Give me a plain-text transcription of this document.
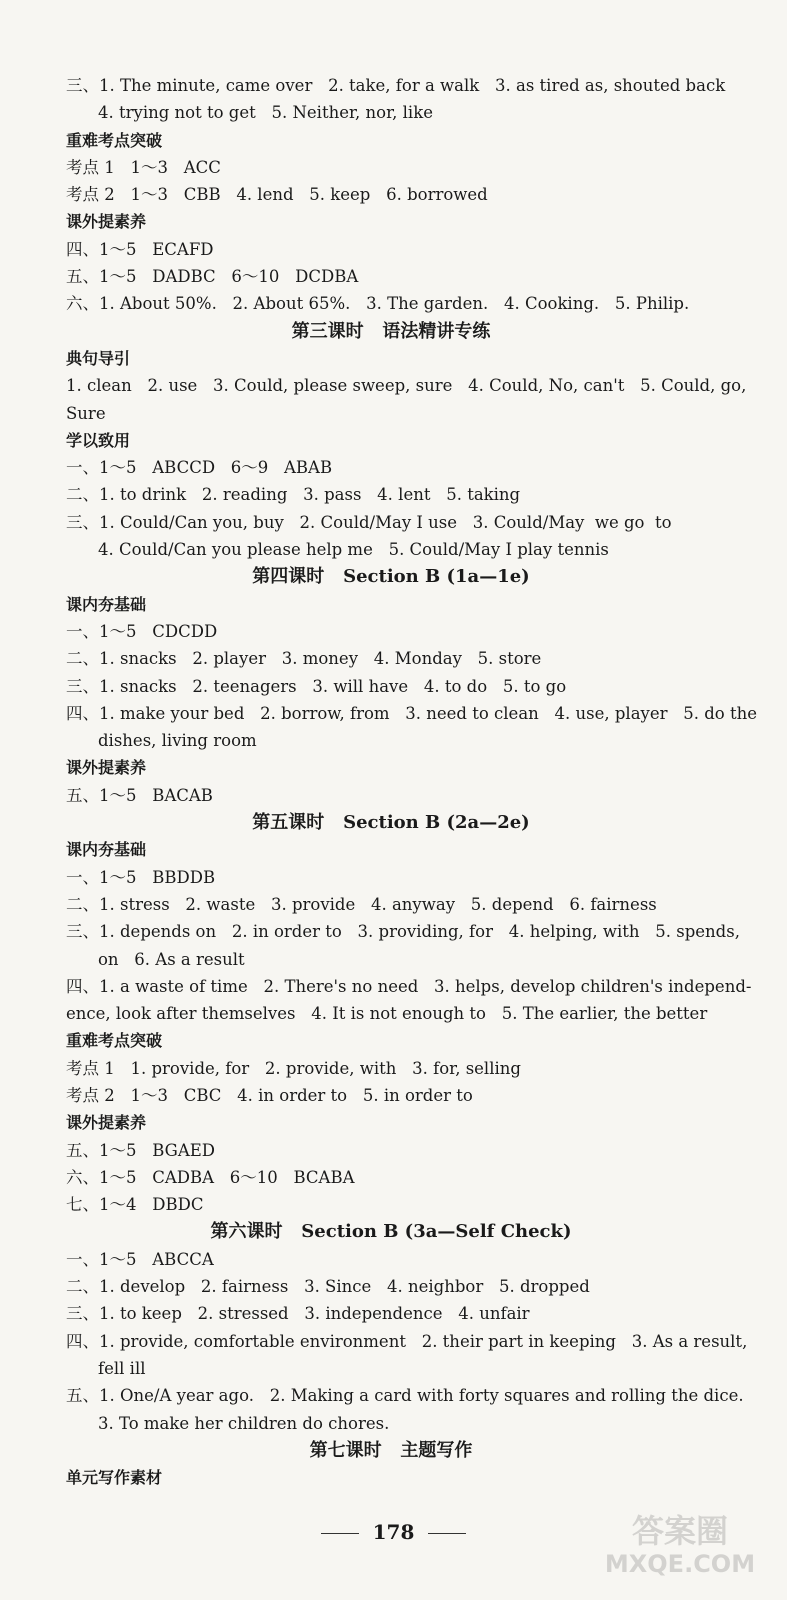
三、1. The minute, came over   2. take, for a walk   3. as tired as, shouted back
4. trying not to get   5. Neither, nor, like
重难考点突破
考点 1   1～3   ACC
考点 2   1～3   CBB   4. lend   5. keep   6. borrowed
课外提素养
四、1～5   ECAFD
五、1～5   DADBC   6～10   DCDBA
六、1. About 50%.   2. About 65%.   3. The garden.   4. Cooking.   5. Philip.
第三课时   语法精讲专练
典句导引
1. clean   2. use   3. Could, please sweep, sure   4. Could, No, can't   5. Could, go,
Sure
学以致用
一、1～5   ABCCD   6～9   ABAB
二、1. to drink   2. reading   3. pass   4. lent   5. taking
三、1. Could/Can you, buy   2. Could/May I use   3. Could/May  we go  to
4. Could/Can you please help me   5. Could/May I play tennis
第四课时   Section B (1a—1e)
课内夯基础
一、1～5   CDCDD
二、1. snacks   2. player   3. money   4. Monday   5. store
三、1. snacks   2. teenagers   3. will have   4. to do   5. to go
四、1. make your bed   2. borrow, from   3. need to clean   4. use, player   5. do the
dishes, living room
课外提素养
五、1～5   BACAB
第五课时   Section B (2a—2e)
课内夯基础
一、1～5   BBDDB
二、1. stress   2. waste   3. provide   4. anyway   5. depend   6. fairness
三、1. depends on   2. in order to   3. providing, for   4. helping, with   5. spends,
on   6. As a result
四、1. a waste of time   2. There's no need   3. helps, develop children's independ-
ence, look after themselves   4. It is not enough to   5. The earlier, the better
重难考点突破
考点 1   1. provide, for   2. provide, with   3. for, selling
考点 2   1～3   CBC   4. in order to   5. in order to
课外提素养
五、1～5   BGAED
六、1～5   CADBA   6～10   BCABA
七、1～4   DBDC
第六课时   Section B (3a—Self Check)
一、1～5   ABCCA
二、1. develop   2. fairness   3. Since   4. neighbor   5. dropped
三、1. to keep   2. stressed   3. independence   4. unfair
四、1. provide, comfortable environment   2. their part in keeping   3. As a result,
fell ill
五、1. One/A year ago.   2. Making a card with forty squares and rolling the dice.
3. To make her children do chores.
第七课时   主题写作
单元写作素材
178	答案圈
MXQE.COM
